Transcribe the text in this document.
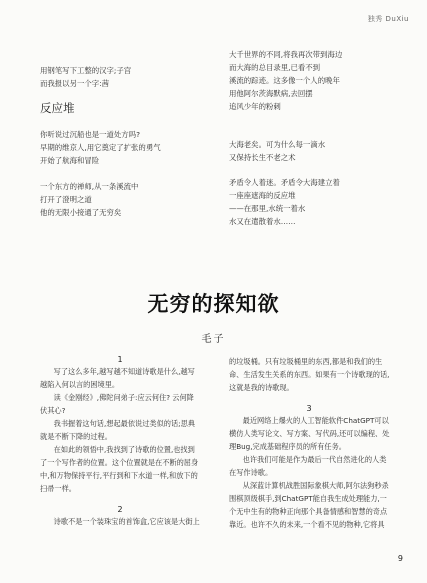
独秀 DuXiu
用钢笔写下工整的汉字;子宫
而我报以另一个字:茜
反应堆
你听说过沉船也是一道处方吗?
早期的维京人,用它奠定了扩张的勇气
开始了航海和冒险
一个东方的禅师,从一条溪流中
打开了澄明之道
他的无限小接通了无穷矣
大千世界的不同,将我再次带到海边
而大海的总目录里,已看不到
溪流的踪迹。这多像一个人的晚年
用他阿尔茨海默病,去回摆
追风少年的粉刺
大海老矣。可为什么每一滴水
又保持长生不老之术
矛盾令人着迷。矛盾令大海建立着
一座座遮海的反应堆
——在那里,水统一着水
水又在遣散着水……
无穷的探知欲
毛子
1

写了这么多年,越写越不知道诗歌是什么,越写越陷入何以言的困境里。

读《金刚经》,佛陀问弟子:应云何住? 云何降伏其心?

我书握着这句话,想起最依说过类似的话;思典就是不断下降的过程。

在如此的领悟中,我找到了诗歌的位置,也找到了一个写作者的位置。这个位置就是在不断的屈身中,和万物保持平行,平行到和下水道一样,和放下的扫帚一样。

2

诗歌不是一个装珠宝的首饰盒,它应该是大街上

的垃圾桶。只有垃圾桶里的东西,都是和我们的生命、生活发生关系的东西。如果有一个诗歌现的话,这就是我的诗歌现。

3

最近网络上爆火的人工智能软件ChatGPT可以横仿人类写论文、写方案、写代码,还可以编程、处理Bug,完成基础程序员的所有任务。

也许我们可能是作为最后一代自然进化的人类在写作诗歌。

从深蓝计算机战胜国际象棋大师,阿尔法狗秒杀围棋顶级棋手,到ChatGPT能自我生成处理能力,一个无中生有的物种正向那个具备情感和智慧的奇点靠近。也许不久的未来,一个看不见的物种,它将具

9
